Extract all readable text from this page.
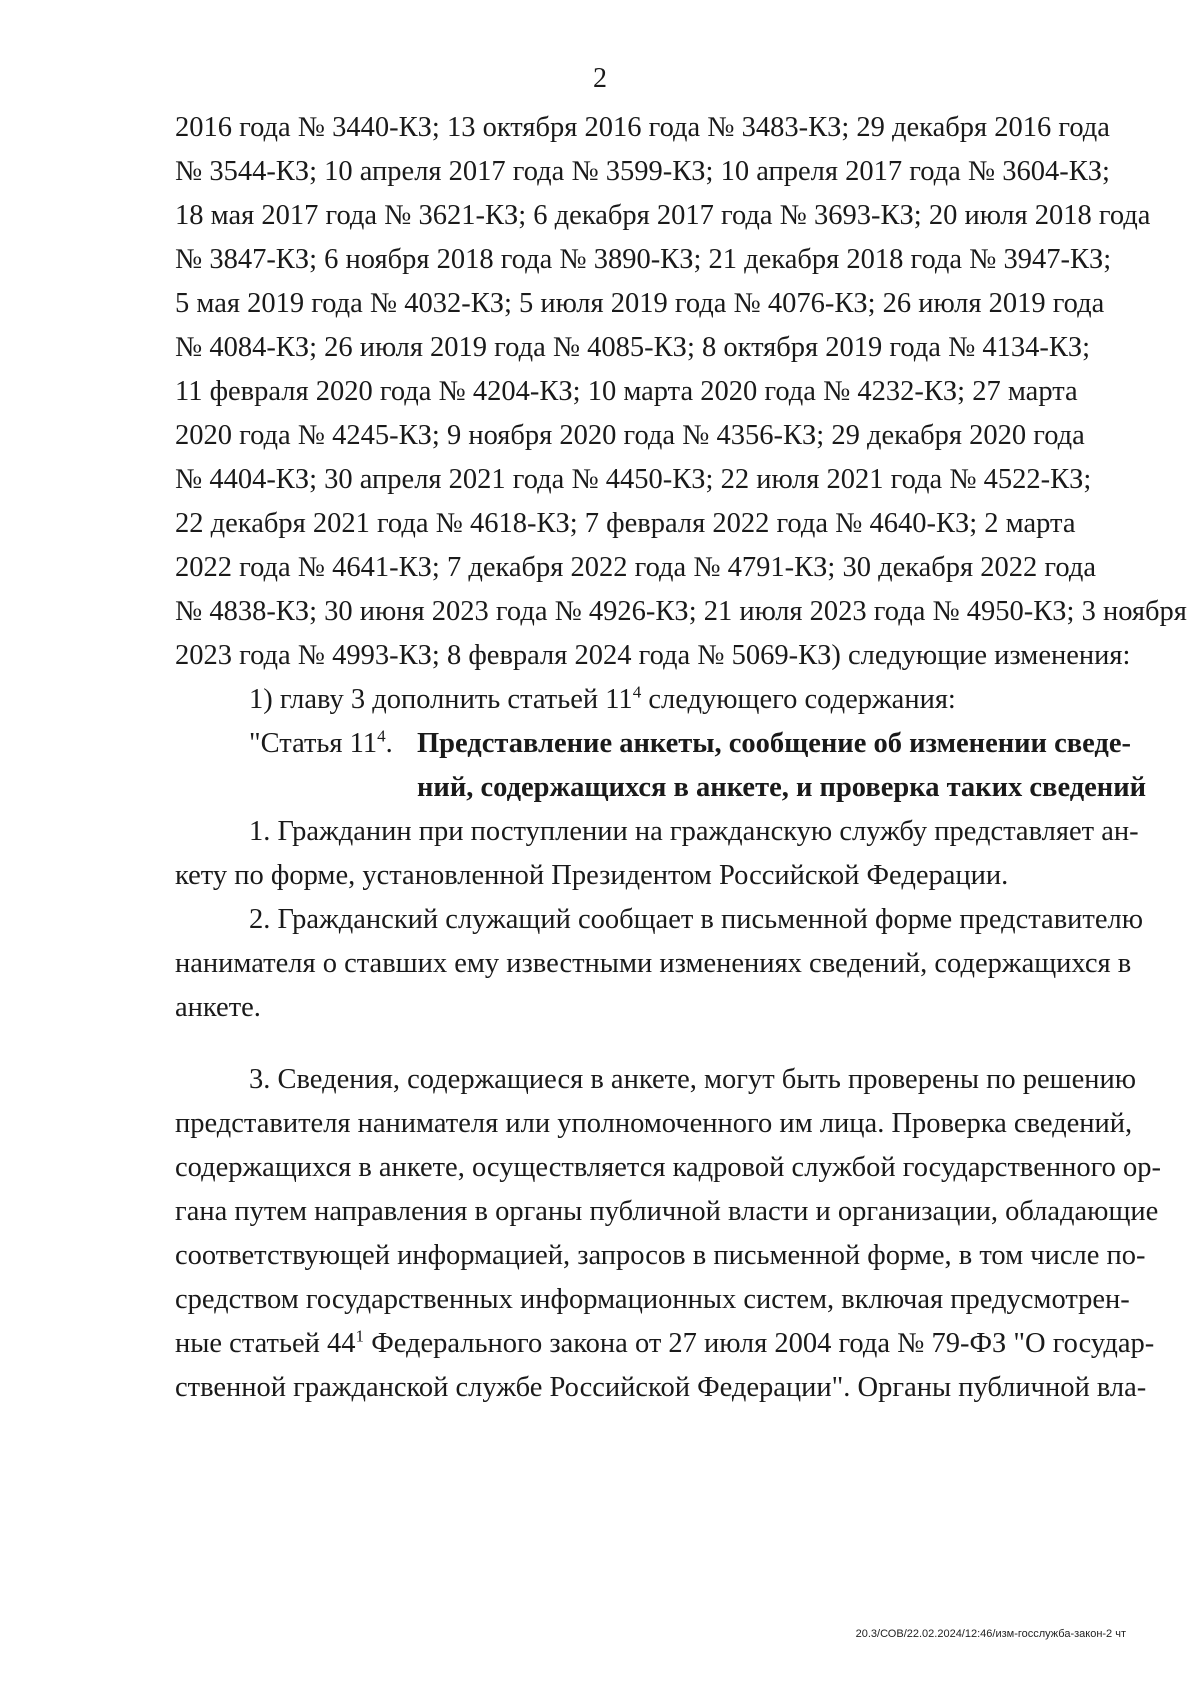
2

2016 года № 3440-КЗ; 13 октября 2016 года № 3483-КЗ; 29 декабря 2016 года

№ 3544-КЗ; 10 апреля 2017 года № 3599-КЗ; 10 апреля 2017 года № 3604-КЗ;

18 мая 2017 года № 3621-КЗ; 6 декабря 2017 года № 3693-КЗ; 20 июля 2018 года

№ 3847-КЗ; 6 ноября 2018 года № 3890-КЗ; 21 декабря 2018 года № 3947-КЗ;

5 мая 2019 года № 4032-КЗ; 5 июля 2019 года № 4076-КЗ; 26 июля 2019 года

№ 4084-КЗ; 26 июля 2019 года № 4085-КЗ; 8 октября 2019 года № 4134-КЗ;

11 февраля 2020 года № 4204-КЗ; 10 марта 2020 года № 4232-КЗ; 27 марта

2020 года № 4245-КЗ; 9 ноября 2020 года № 4356-КЗ; 29 декабря 2020 года

№ 4404-КЗ; 30 апреля 2021 года № 4450-КЗ; 22 июля 2021 года № 4522-КЗ;

22 декабря 2021 года № 4618-КЗ; 7 февраля 2022 года № 4640-КЗ; 2 марта

2022 года № 4641-КЗ; 7 декабря 2022 года № 4791-КЗ; 30 декабря 2022 года

№ 4838-КЗ; 30 июня 2023 года № 4926-КЗ; 21 июля 2023 года № 4950-КЗ; 3 ноября

2023 года № 4993-КЗ; 8 февраля 2024 года № 5069-КЗ) следующие изменения:

1) главу 3 дополнить статьей $11^4$ следующего содержания:

"Статья $11^4$. Представление анкеты, сообщение об изменении сведе-

ний, содержащихся в анкете, и проверка таких сведений

1. Гражданин при поступлении на гражданскую службу представляет ан-

кету по форме, установленной Президентом Российской Федерации.

2. Гражданский служащий сообщает в письменной форме представителю

нанимателя о ставших ему известными изменениях сведений, содержащихся в

анкете.

3. Сведения, содержащиеся в анкете, могут быть проверены по решению

представителя нанимателя или уполномоченного им лица. Проверка сведений,

содержащихся в анкете, осуществляется кадровой службой государственного ор-

гана путем направления в органы публичной власти и организации, обладающие

соответствующей информацией, запросов в письменной форме, в том числе по-

средством государственных информационных систем, включая предусмотрен-

ные статьей $44^1$ Федерального закона от 27 июля 2004 года № 79-ФЗ "О государ-

ственной гражданской службе Российской Федерации". Органы публичной вла-

20.3/СОВ/22.02.2024/12:46/изм-госслужба-закон-2 чт
